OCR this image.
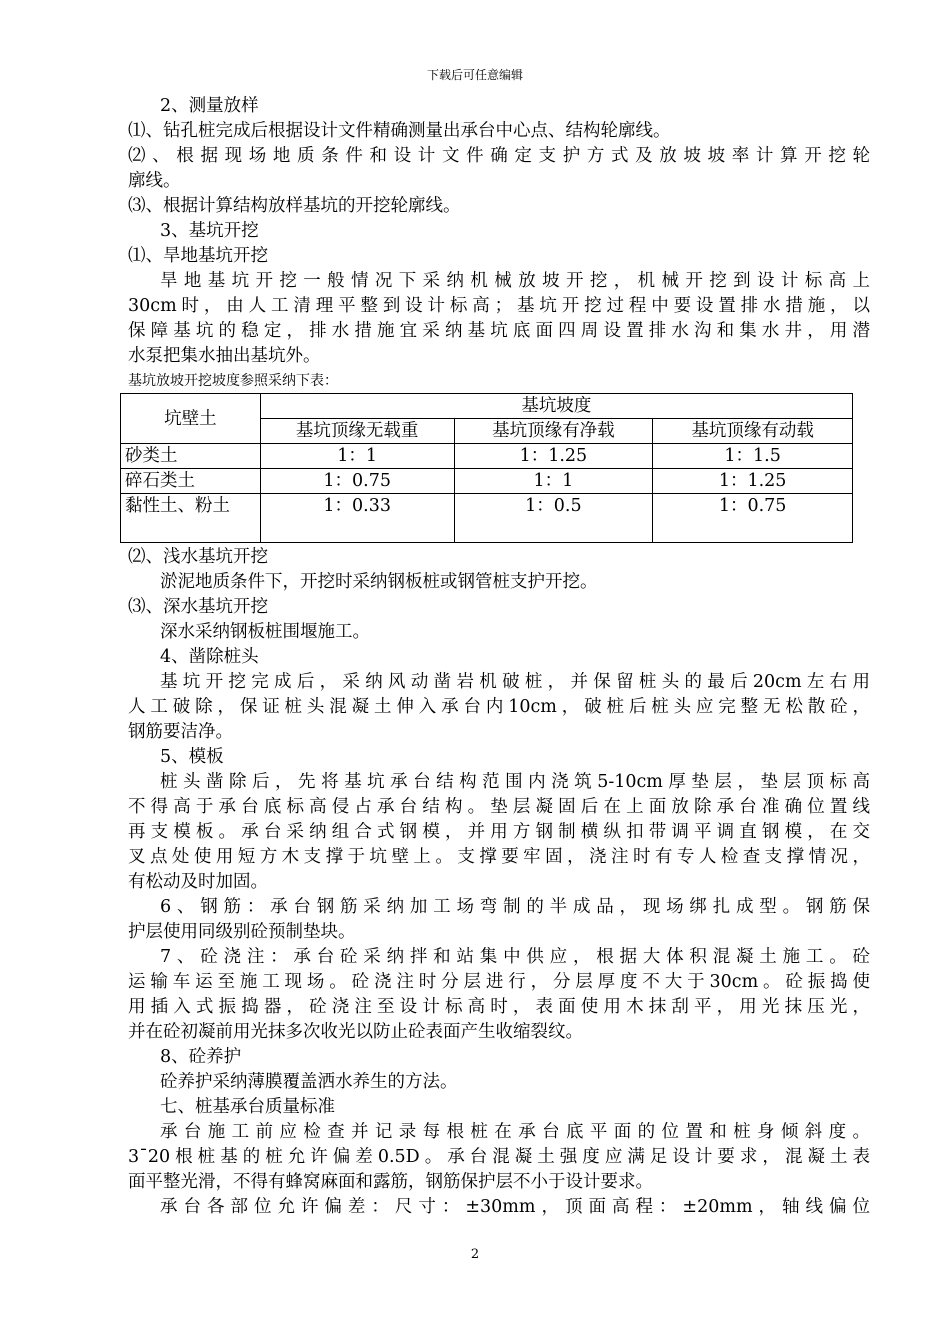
下载后可任意编辑
2、测量放样
⑴、钻孔桩完成后根据设计文件精确测量出承台中心点、结构轮廓线。
⑵、根据现场地质条件和设计文件确定支护方式及放坡坡率计算开挖轮
廓线。
⑶、根据计算结构放样基坑的开挖轮廓线。
3、基坑开挖
⑴、旱地基坑开挖
旱地基坑开挖一般情况下采纳机械放坡开挖，机械开挖到设计标高上
30cm时，由人工清理平整到设计标高；基坑开挖过程中要设置排水措施，以
保障基坑的稳定，排水措施宜采纳基坑底面四周设置排水沟和集水井，用潜
水泵把集水抽出基坑外。
基坑放坡开挖坡度参照采纳下表：
坑壁土	基坑坡度		
	基坑顶缘无载重	基坑顶缘有净载	基坑顶缘有动载
砂类土	1：1	1：1.25	1：1.5
碎石类土	1：0.75	1：1	1：1.25
黏性土、粉土	1：0.33	1：0.5	1：0.75
⑵、浅水基坑开挖
淤泥地质条件下，开挖时采纳钢板桩或钢管桩支护开挖。
⑶、深水基坑开挖
深水采纳钢板桩围堰施工。
4、凿除桩头
基坑开挖完成后，采纳风动凿岩机破桩，并保留桩头的最后20cm左右用
人工破除，保证桩头混凝土伸入承台内10cm，破桩后桩头应完整无松散砼，
钢筋要洁净。
5、模板
桩头凿除后，先将基坑承台结构范围内浇筑5-10cm厚垫层，垫层顶标高
不得高于承台底标高侵占承台结构。垫层凝固后在上面放除承台准确位置线
再支模板。承台采纳组合式钢模，并用方钢制横纵扣带调平调直钢模，在交
叉点处使用短方木支撑于坑壁上。支撑要牢固，浇注时有专人检查支撑情况，
有松动及时加固。
6、钢筋：承台钢筋采纳加工场弯制的半成品，现场绑扎成型。钢筋保
护层使用同级别砼预制垫块。
7、砼浇注：承台砼采纳拌和站集中供应，根据大体积混凝土施工。砼
运输车运至施工现场。砼浇注时分层进行，分层厚度不大于30cm。砼振捣使
用插入式振捣器，砼浇注至设计标高时，表面使用木抹刮平，用光抹压光，
并在砼初凝前用光抹多次收光以防止砼表面产生收缩裂纹。
8、砼养护
砼养护采纳薄膜覆盖洒水养生的方法。
七、桩基承台质量标准
承台施工前应检查并记录每根桩在承台底平面的位置和桩身倾斜度。
3ˉ20根桩基的桩允许偏差0.5D。承台混凝土强度应满足设计要求，混凝土表
面平整光滑，不得有蜂窝麻面和露筋，钢筋保护层不小于设计要求。
承台各部位允许偏差：尺寸：±30mm，顶面高程：±20mm，轴线偏位
2
